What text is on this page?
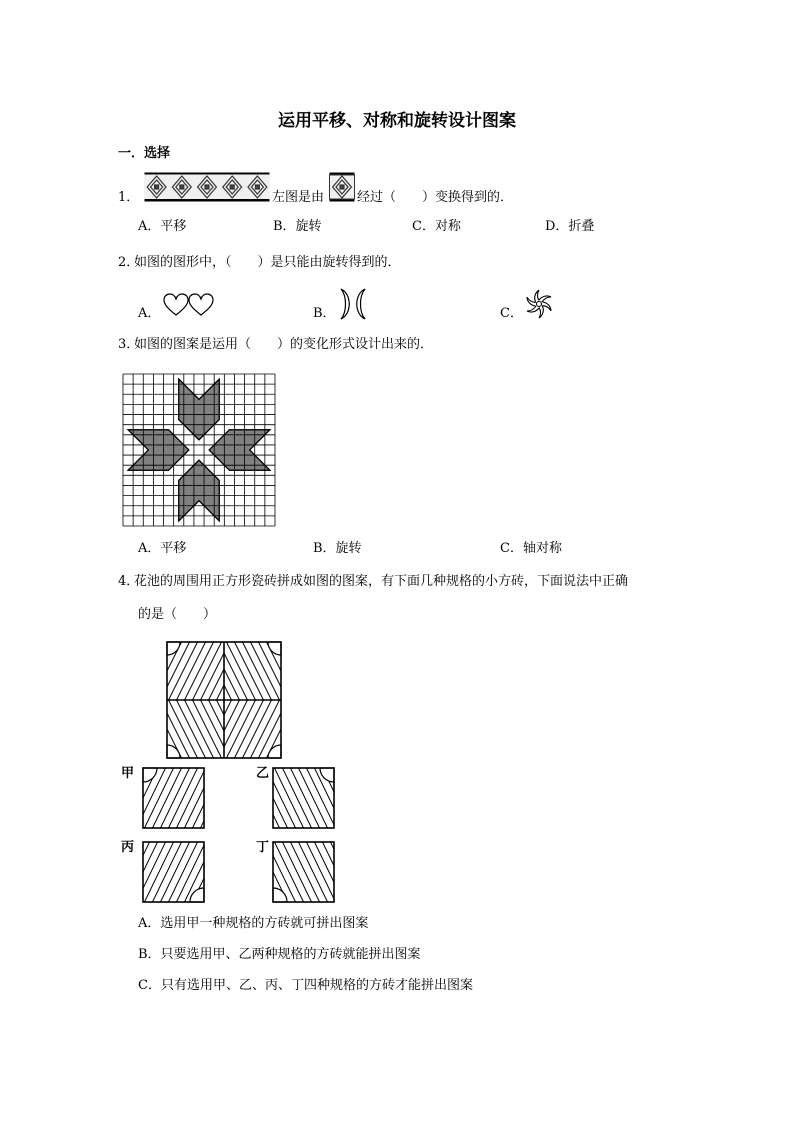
运用平移、对称和旋转设计图案
一．选择
1．	左图是由	经过（　　）变换得到的．
A．平移	B．旋转	C．对称	D．折叠
2．
如图的图形中，（　　）是只能由旋转得到的．
A．	B．	C．
3．
如图的图案是运用（　　）的变化形式设计出来的．
A．平移	B．旋转	C．轴对称
4．
花池的周围用正方形瓷砖拼成如图的图案，有下面几种规格的小方砖，下面说法中正确
的是（　　）
甲	乙
丙	丁
A．选用甲一种规格的方砖就可拼出图案
B．只要选用甲、乙两种规格的方砖就能拼出图案
C．只有选用甲、乙、丙、丁四种规格的方砖才能拼出图案
